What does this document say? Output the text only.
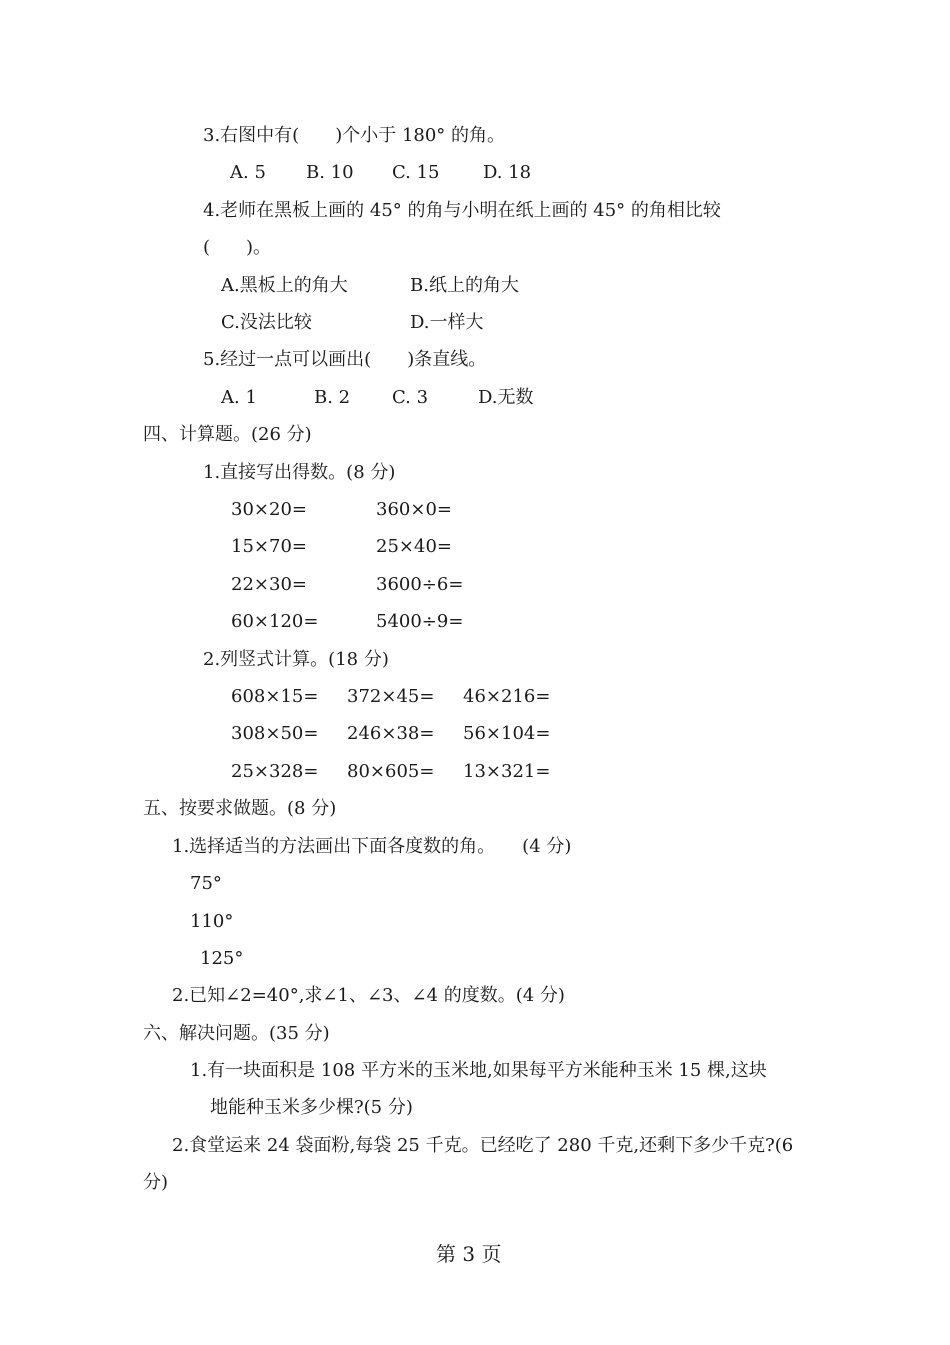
3.右图中有(　　)个小于 180° 的角。
A. 5 B. 10 C. 15 D. 18
4.老师在黑板上画的 45° 的角与小明在纸上画的 45° 的角相比较
(　　)。
A.黑板上的角大	B.纸上的角大
C.没法比较	D.一样大
5.经过一点可以画出(　　)条直线。
A. 1	B. 2 C. 3	D.无数
四、计算题。(26 分)
1.直接写出得数。(8 分)
30×20=	360×0=
15×70=	25×40=
22×30=	3600÷6=
60×120=	5400÷9=
2.列竖式计算。(18 分)
608×15= 372×45= 46×216=
308×50= 246×38= 56×104=
25×328= 80×605= 13×321=
五、按要求做题。(8 分)
1.选择适当的方法画出下面各度数的角。　　(4 分)
75°
110°
125°
2.已知∠2=40°,求∠1、∠3、∠4 的度数。(4 分)
六、解决问题。(35 分)
1.有一块面积是 108 平方米的玉米地,如果每平方米能种玉米 15 棵,这块
地能种玉米多少棵?(5 分)
2.食堂运来 24 袋面粉,每袋 25 千克。已经吃了 280 千克,还剩下多少千克?(6
分)
第 3 页
